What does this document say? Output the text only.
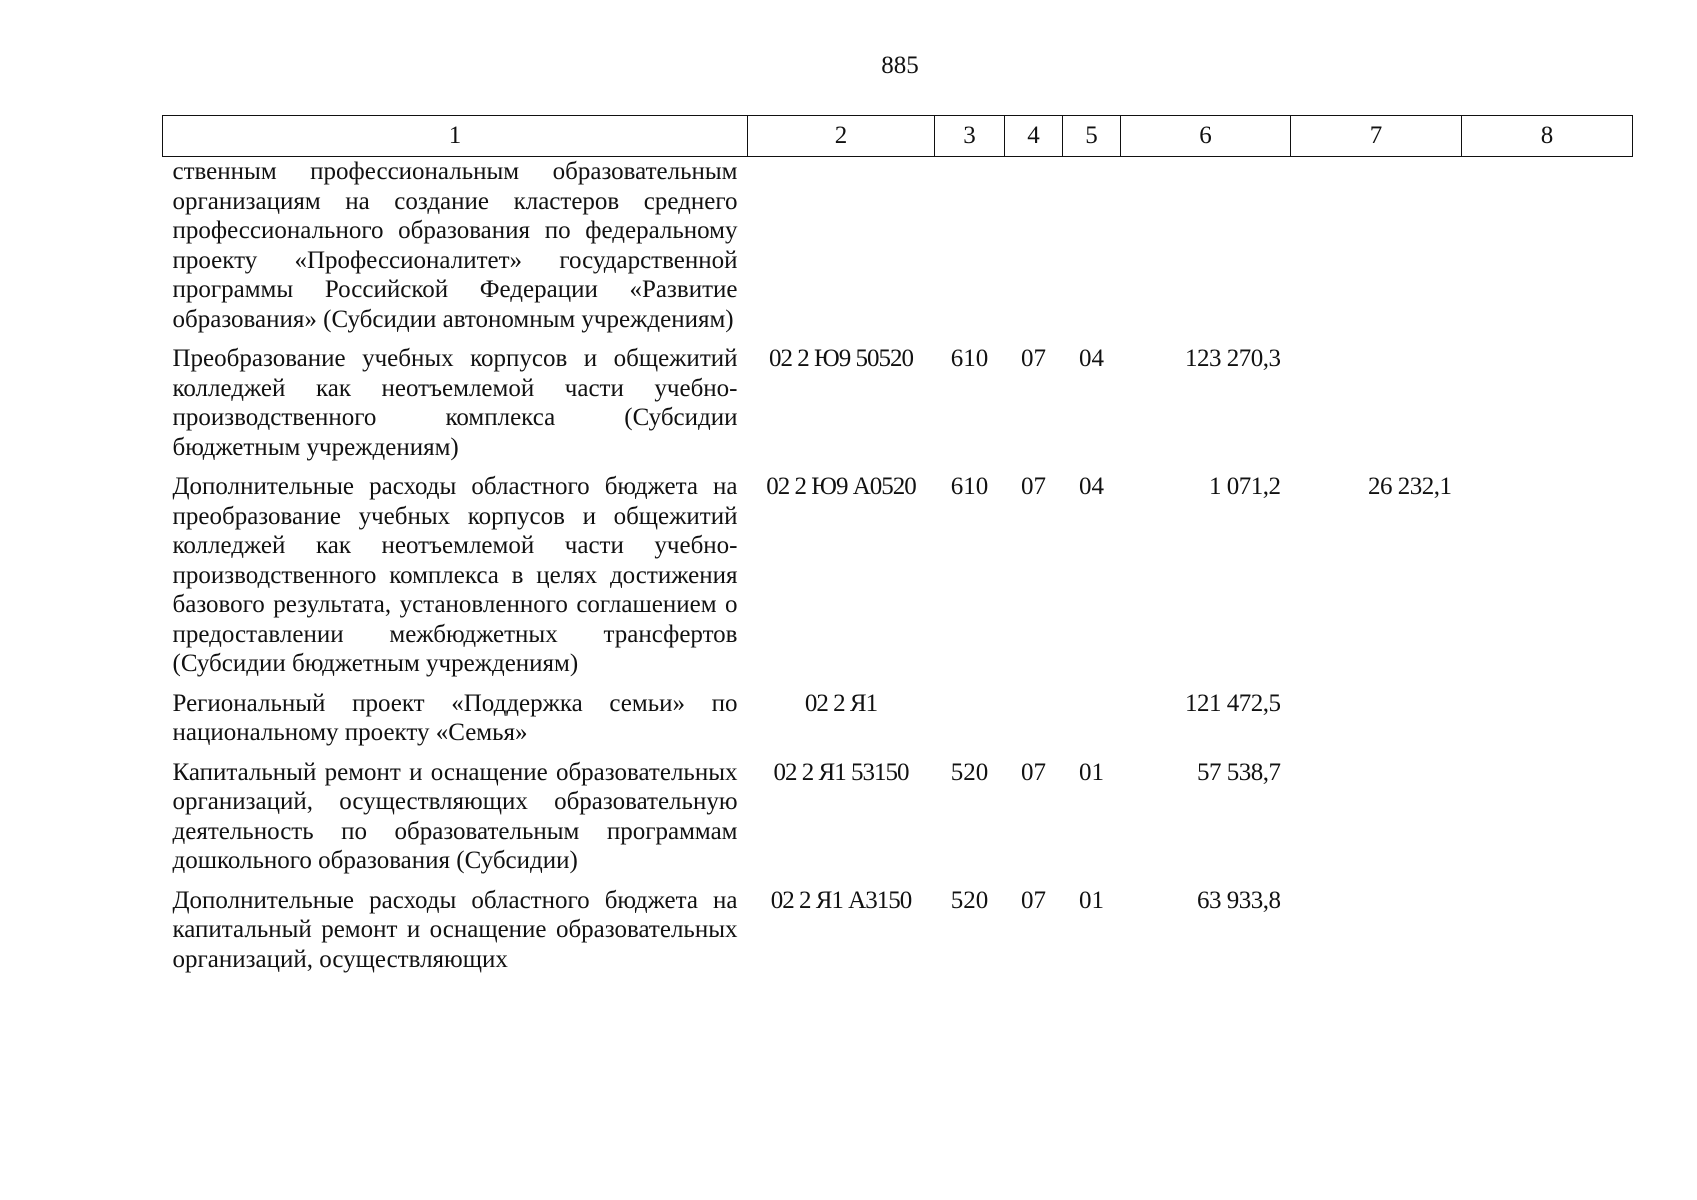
885
1	2	3	4	5	6	7	8
ственным профессиональным образовательным организациям на создание кластеров среднего профессионального образования по федеральному проекту «Профессионалитет» государственной программы Российской Федерации «Развитие образования» (Субсидии автономным учреждениям)							
Преобразование учебных корпусов и общежитий колледжей как неотъемлемой части учебно-производственного комплекса (Субсидии бюджетным учреждениям)	02 2 Ю9 50520	610	07	04	123 270,3		
Дополнительные расходы областного бюджета на преобразование учебных корпусов и общежитий колледжей как неотъемлемой части учебно-производственного комплекса в целях достижения базового результата, установленного соглашением о предоставлении межбюджетных трансфертов (Субсидии бюджетным учреждениям)	02 2 Ю9 А0520	610	07	04	1 071,2	26 232,1	
Региональный проект «Поддержка семьи» по национальному проекту «Семья»	02 2 Я1				121 472,5		
Капитальный ремонт и оснащение образовательных организаций, осуществляющих образовательную деятельность по образовательным программам дошкольного образования (Субсидии)	02 2 Я1 53150	520	07	01	57 538,7		
Дополнительные расходы областного бюджета на капитальный ремонт и оснащение образовательных организаций, осуществляющих	02 2 Я1 А3150	520	07	01	63 933,8		
